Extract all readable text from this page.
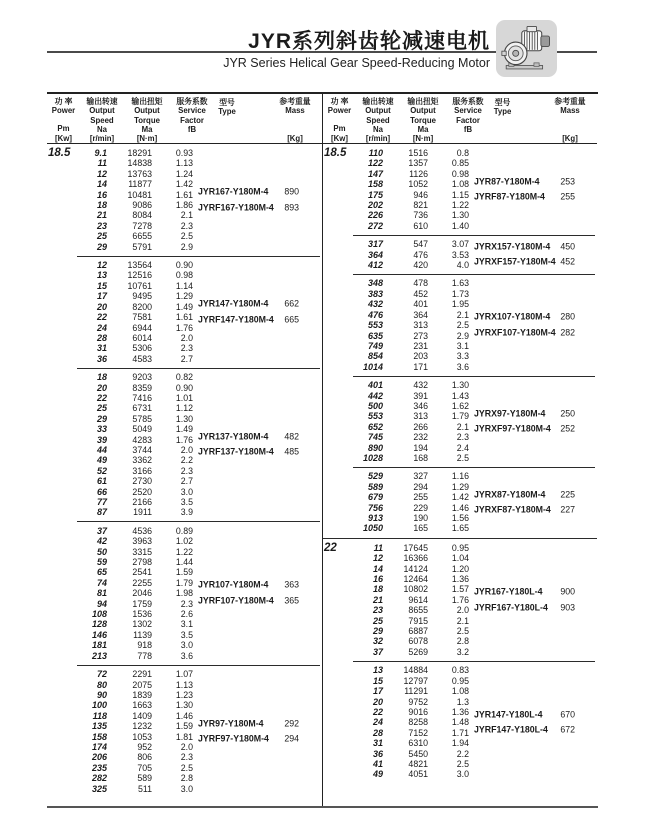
JYR系列斜齿轮减速电机
JYR Series Helical Gear Speed-Reducing Motor
功 率
Power
Pm
[Kw]
输出转速
Output
Speed
Na
[r/min]
输出扭矩
Output
Torque
Ma
[N·m]
服务系数
Service
Factor
fB
型号
Type
参考重量
Mass
[Kg]
18.5	9.1	18291	0.93
11	14838	1.13
12	13763	1.24
14	11877	1.42
16	10481	1.61
18	9086	1.86
21	8084	2.1
23	7278	2.3
25	6655	2.5
29	5791	2.9
JYR167-Y180M-4 890
JYRF167-Y180M-4 893
12	13564	0.90
13	12516	0.98
15	10761	1.14
17	9495	1.29
20	8200	1.49
22	7581	1.61
24	6944	1.76
28	6014	2.0
31	5306	2.3
36	4583	2.7
JYR147-Y180M-4 662
JYRF147-Y180M-4 665
18	9203	0.82
20	8359	0.90
22	7416	1.01
25	6731	1.12
29	5785	1.30
33	5049	1.49
39	4283	1.76
44	3744	2.0
49	3362	2.2
52	3166	2.3
61	2730	2.7
66	2520	3.0
77	2166	3.5
87	1911	3.9
JYR137-Y180M-4 482
JYRF137-Y180M-4 485
37	4536	0.89
42	3963	1.02
50	3315	1.22
59	2798	1.44
65	2541	1.59
74	2255	1.79
81	2046	1.98
94	1759	2.3
108	1536	2.6
128	1302	3.1
146	1139	3.5
181	918	3.0
213	778	3.6
JYR107-Y180M-4 363
JYRF107-Y180M-4 365
72	2291	1.07
80	2075	1.13
90	1839	1.23
100	1663	1.30
118	1409	1.46
135	1232	1.59
158	1053	1.81
174	952	2.0
206	806	2.3
235	705	2.5
282	589	2.8
325	511	3.0
JYR97-Y180M-4 292
JYRF97-Y180M-4 294
功 率
Power
Pm
[Kw]
输出转速
Output
Speed
Na
[r/min]
输出扭矩
Output
Torque
Ma
[N·m]
服务系数
Service
Factor
fB
型号
Type
参考重量
Mass
[Kg]
18.5	110	1516	0.8
122	1357	0.85
147	1126	0.98
158	1052	1.08
175	946	1.15
202	821	1.22
226	736	1.30
272	610	1.40
JYR87-Y180M-4 253
JYRF87-Y180M-4 255
317	547	3.07
364	476	3.53
412	420	4.0
JYRX157-Y180M-4 450
JYRXF157-Y180M-4 452
348	478	1.63
383	452	1.73
432	401	1.95
476	364	2.1
553	313	2.5
635	273	2.9
749	231	3.1
854	203	3.3
1014	171	3.6
JYRX107-Y180M-4 280
JYRXF107-Y180M-4 282
401	432	1.30
442	391	1.43
500	346	1.62
553	313	1.79
652	266	2.1
745	232	2.3
890	194	2.4
1028	168	2.5
JYRX97-Y180M-4 250
JYRXF97-Y180M-4 252
529	327	1.16
589	294	1.29
679	255	1.42
756	229	1.46
913	190	1.56
1050	165	1.65
JYRX87-Y180M-4 225
JYRXF87-Y180M-4 227
22	11	17645	0.95
12	16366	1.04
14	14124	1.20
16	12464	1.36
18	10802	1.57
21	9614	1.76
23	8655	2.0
25	7915	2.1
29	6887	2.5
32	6078	2.8
37	5269	3.2
JYR167-Y180L-4 900
JYRF167-Y180L-4 903
13	14884	0.83
15	12797	0.95
17	11291	1.08
20	9752	1.3
22	9016	1.36
24	8258	1.48
28	7152	1.71
31	6310	1.94
36	5450	2.2
41	4821	2.5
49	4051	3.0
JYR147-Y180L-4 670
JYRF147-Y180L-4 672
